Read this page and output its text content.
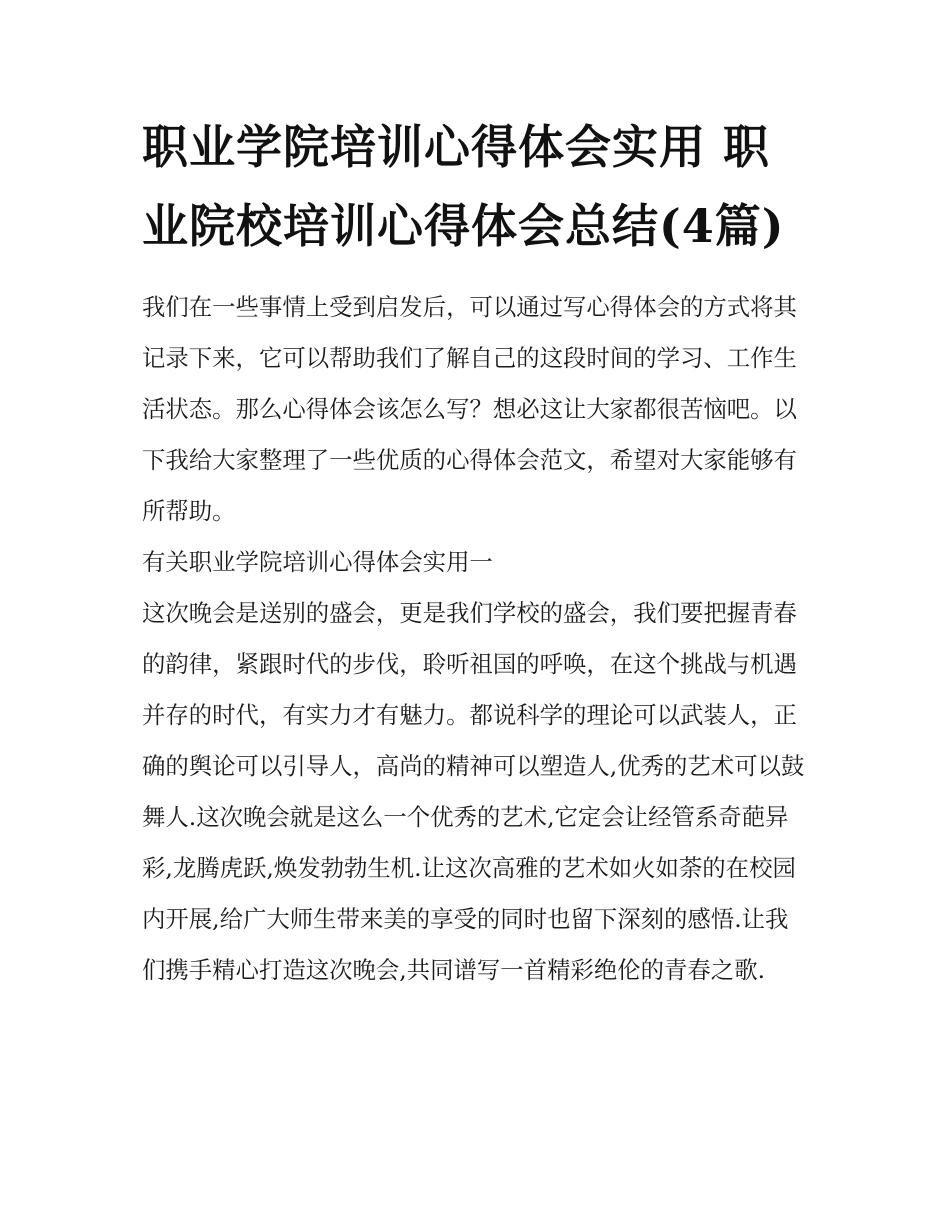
职业学院培训心得体会实用 职业院校培训心得体会总结(4篇)

我们在一些事情上受到启发后，可以通过写心得体会的方式将其记录下来，它可以帮助我们了解自己的这段时间的学习、工作生活状态。那么心得体会该怎么写？想必这让大家都很苦恼吧。以下我给大家整理了一些优质的心得体会范文，希望对大家能够有所帮助。

有关职业学院培训心得体会实用一

这次晚会是送别的盛会，更是我们学校的盛会，我们要把握青春的韵律，紧跟时代的步伐，聆听祖国的呼唤，在这个挑战与机遇并存的时代，有实力才有魅力。都说科学的理论可以武装人，正确的舆论可以引导人，高尚的精神可以塑造人,优秀的艺术可以鼓舞人.这次晚会就是这么一个优秀的艺术,它定会让经管系奇葩异彩,龙腾虎跃,焕发勃勃生机.让这次高雅的艺术如火如荼的在校园内开展,给广大师生带来美的享受的同时也留下深刻的感悟.让我们携手精心打造这次晚会,共同谱写一首精彩绝伦的青春之歌.
